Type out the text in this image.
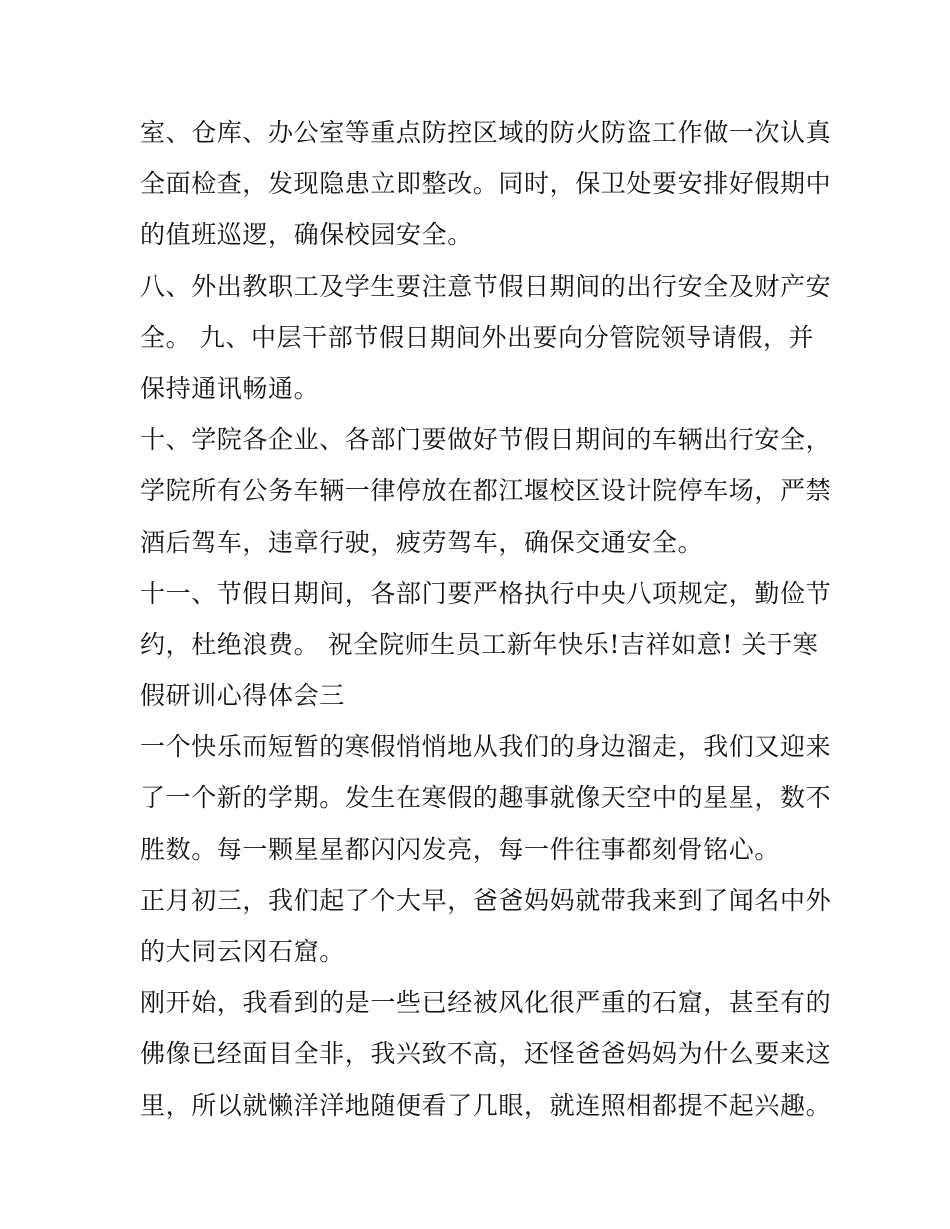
室、仓库、办公室等重点防控区域的防火防盗工作做一次认真
全面检查，发现隐患立即整改。同时，保卫处要安排好假期中
的值班巡逻，确保校园安全。
八、外出教职工及学生要注意节假日期间的出行安全及财产安
全。 九、中层干部节假日期间外出要向分管院领导请假，并
保持通讯畅通。
十、学院各企业、各部门要做好节假日期间的车辆出行安全，
学院所有公务车辆一律停放在都江堰校区设计院停车场，严禁
酒后驾车，违章行驶，疲劳驾车，确保交通安全。
十一、节假日期间，各部门要严格执行中央八项规定，勤俭节
约，杜绝浪费。 祝全院师生员工新年快乐!吉祥如意! 关于寒
假研训心得体会三
一个快乐而短暂的寒假悄悄地从我们的身边溜走，我们又迎来
了一个新的学期。发生在寒假的趣事就像天空中的星星，数不
胜数。每一颗星星都闪闪发亮，每一件往事都刻骨铭心。
正月初三，我们起了个大早，爸爸妈妈就带我来到了闻名中外
的大同云冈石窟。
刚开始，我看到的是一些已经被风化很严重的石窟，甚至有的
佛像已经面目全非，我兴致不高，还怪爸爸妈妈为什么要来这
里，所以就懒洋洋地随便看了几眼，就连照相都提不起兴趣。
